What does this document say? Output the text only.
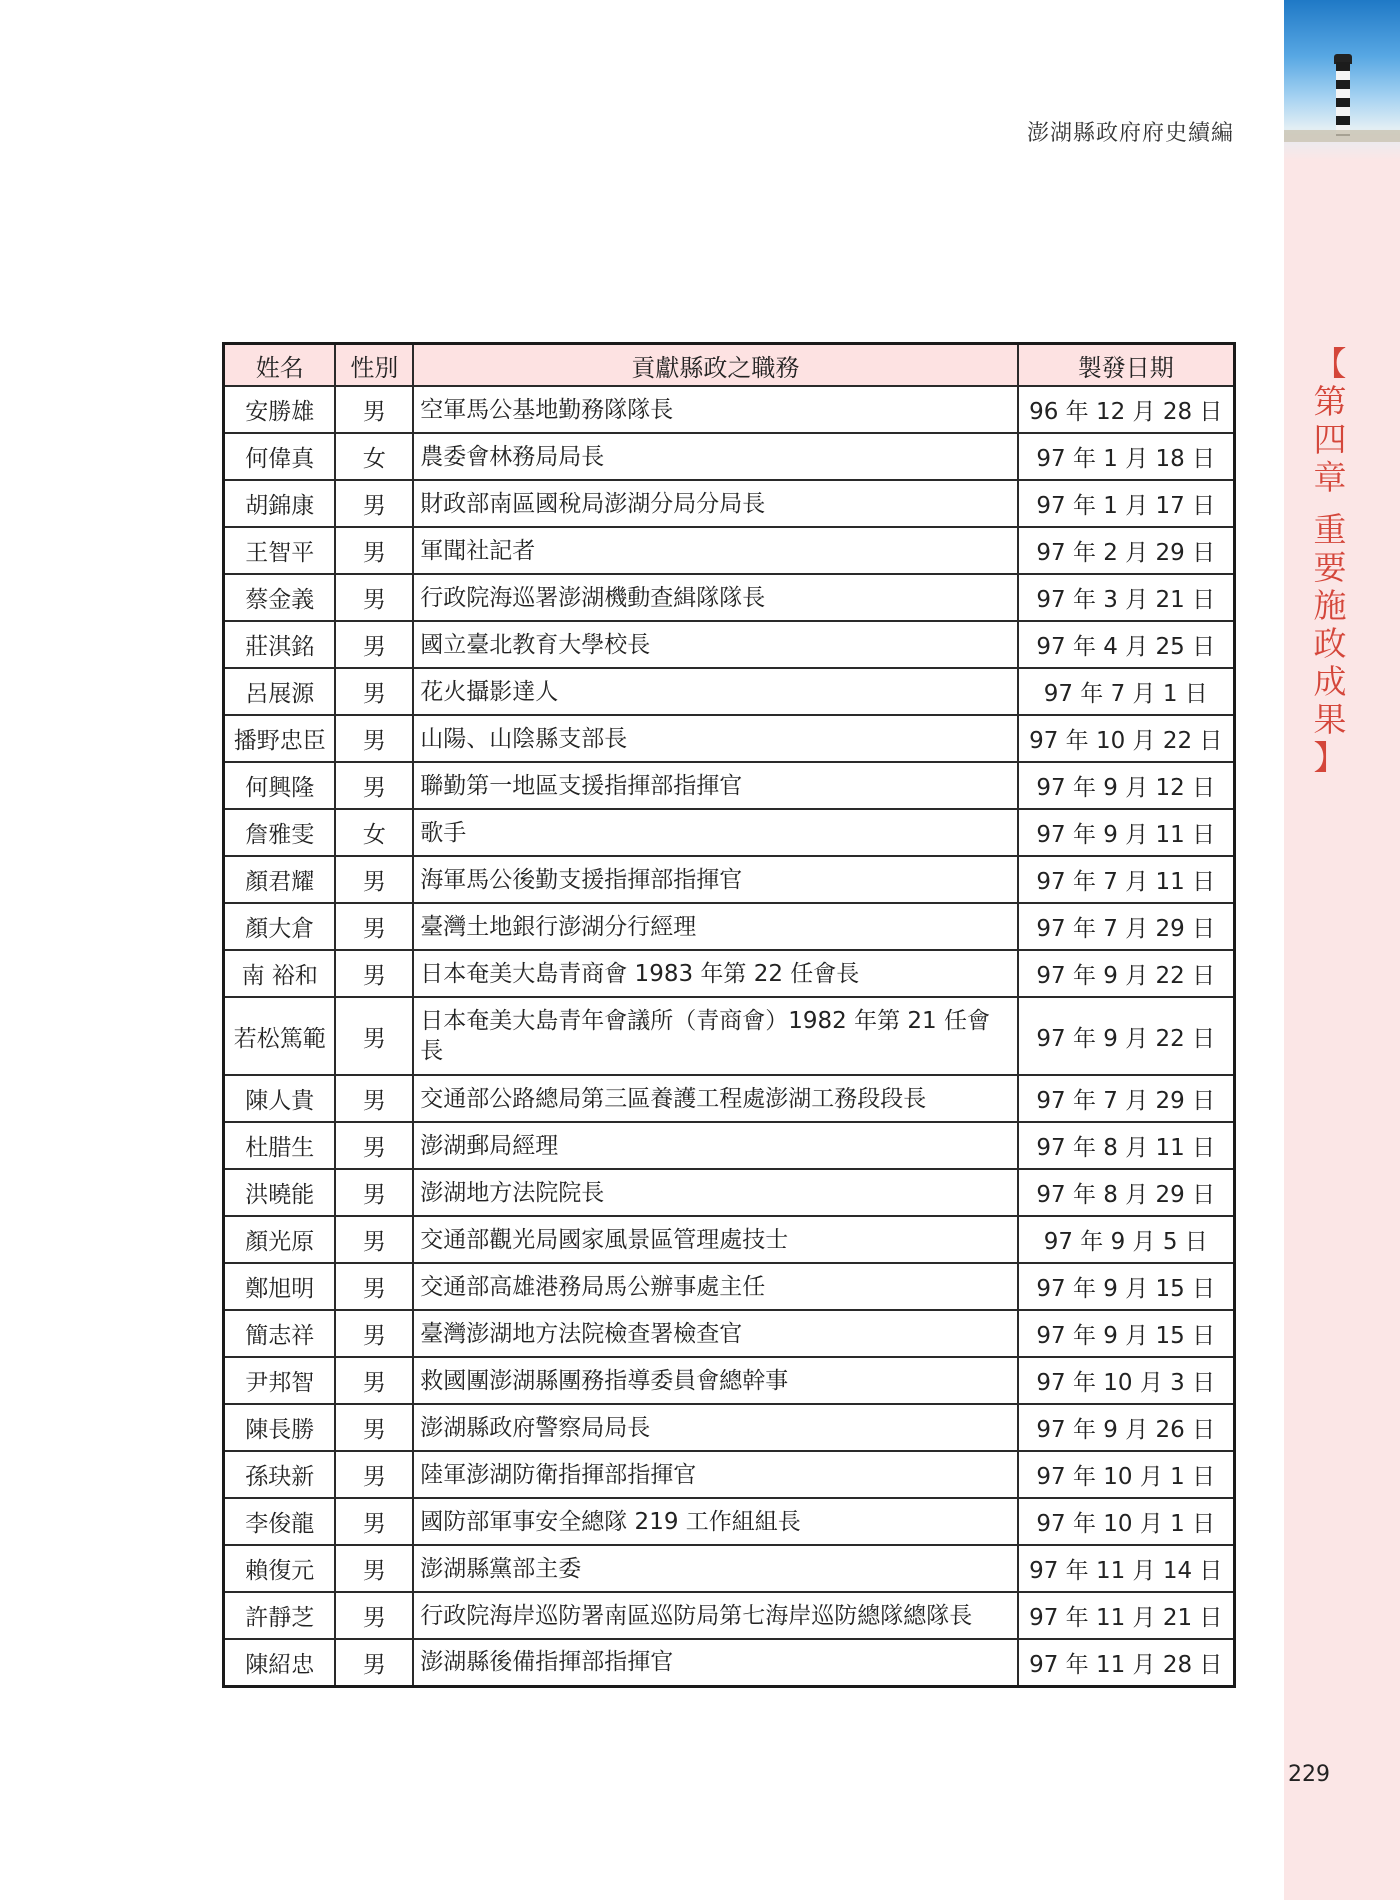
澎湖縣政府府史續編
【
第
四
章
重
要
施
政
成
果
】
姓名	性別	貢獻縣政之職務	製發日期
安勝雄	男	空軍馬公基地勤務隊隊長	96 年 12 月 28 日
何偉真	女	農委會林務局局長	97 年 1 月 18 日
胡錦康	男	財政部南區國稅局澎湖分局分局長	97 年 1 月 17 日
王智平	男	軍聞社記者	97 年 2 月 29 日
蔡金義	男	行政院海巡署澎湖機動查緝隊隊長	97 年 3 月 21 日
莊淇銘	男	國立臺北教育大學校長	97 年 4 月 25 日
呂展源	男	花火攝影達人	97 年 7 月 1 日
播野忠臣	男	山陽、山陰縣支部長	97 年 10 月 22 日
何興隆	男	聯勤第一地區支援指揮部指揮官	97 年 9 月 12 日
詹雅雯	女	歌手	97 年 9 月 11 日
顏君耀	男	海軍馬公後勤支援指揮部指揮官	97 年 7 月 11 日
顏大倉	男	臺灣土地銀行澎湖分行經理	97 年 7 月 29 日
南 裕和	男	日本奄美大島青商會 1983 年第 22 任會長	97 年 9 月 22 日
若松篤範	男	日本奄美大島青年會議所（青商會）1982 年第 21 任會長	97 年 9 月 22 日
陳人貴	男	交通部公路總局第三區養護工程處澎湖工務段段長	97 年 7 月 29 日
杜腊生	男	澎湖郵局經理	97 年 8 月 11 日
洪曉能	男	澎湖地方法院院長	97 年 8 月 29 日
顏光原	男	交通部觀光局國家風景區管理處技士	97 年 9 月 5 日
鄭旭明	男	交通部高雄港務局馬公辦事處主任	97 年 9 月 15 日
簡志祥	男	臺灣澎湖地方法院檢查署檢查官	97 年 9 月 15 日
尹邦智	男	救國團澎湖縣團務指導委員會總幹事	97 年 10 月 3 日
陳長勝	男	澎湖縣政府警察局局長	97 年 9 月 26 日
孫玦新	男	陸軍澎湖防衛指揮部指揮官	97 年 10 月 1 日
李俊龍	男	國防部軍事安全總隊 219 工作組組長	97 年 10 月 1 日
賴復元	男	澎湖縣黨部主委	97 年 11 月 14 日
許靜芝	男	行政院海岸巡防署南區巡防局第七海岸巡防總隊總隊長	97 年 11 月 21 日
陳紹忠	男	澎湖縣後備指揮部指揮官	97 年 11 月 28 日
229
